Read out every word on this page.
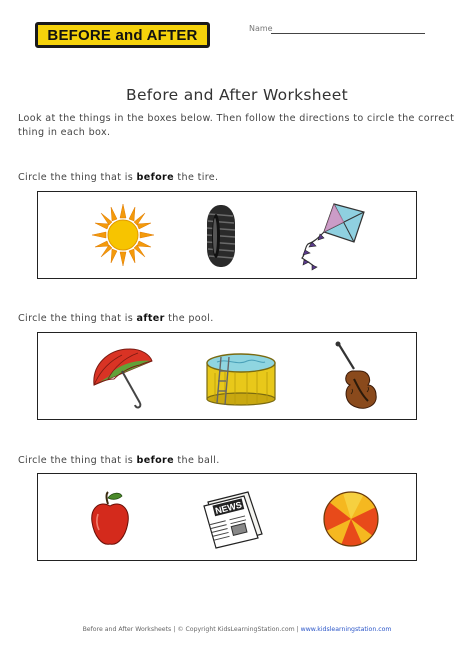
BEFORE and AFTER	Name
Before and After Worksheet
Look at the things in the boxes below. Then follow the directions to circle the correct thing in each box.
Circle the thing that is before the tire.
Circle the thing that is after the pool.
Circle the thing that is before the ball.
NEWS
Before and After Worksheets | © Copyright KidsLearningStation.com | www.kidslearningstation.com
